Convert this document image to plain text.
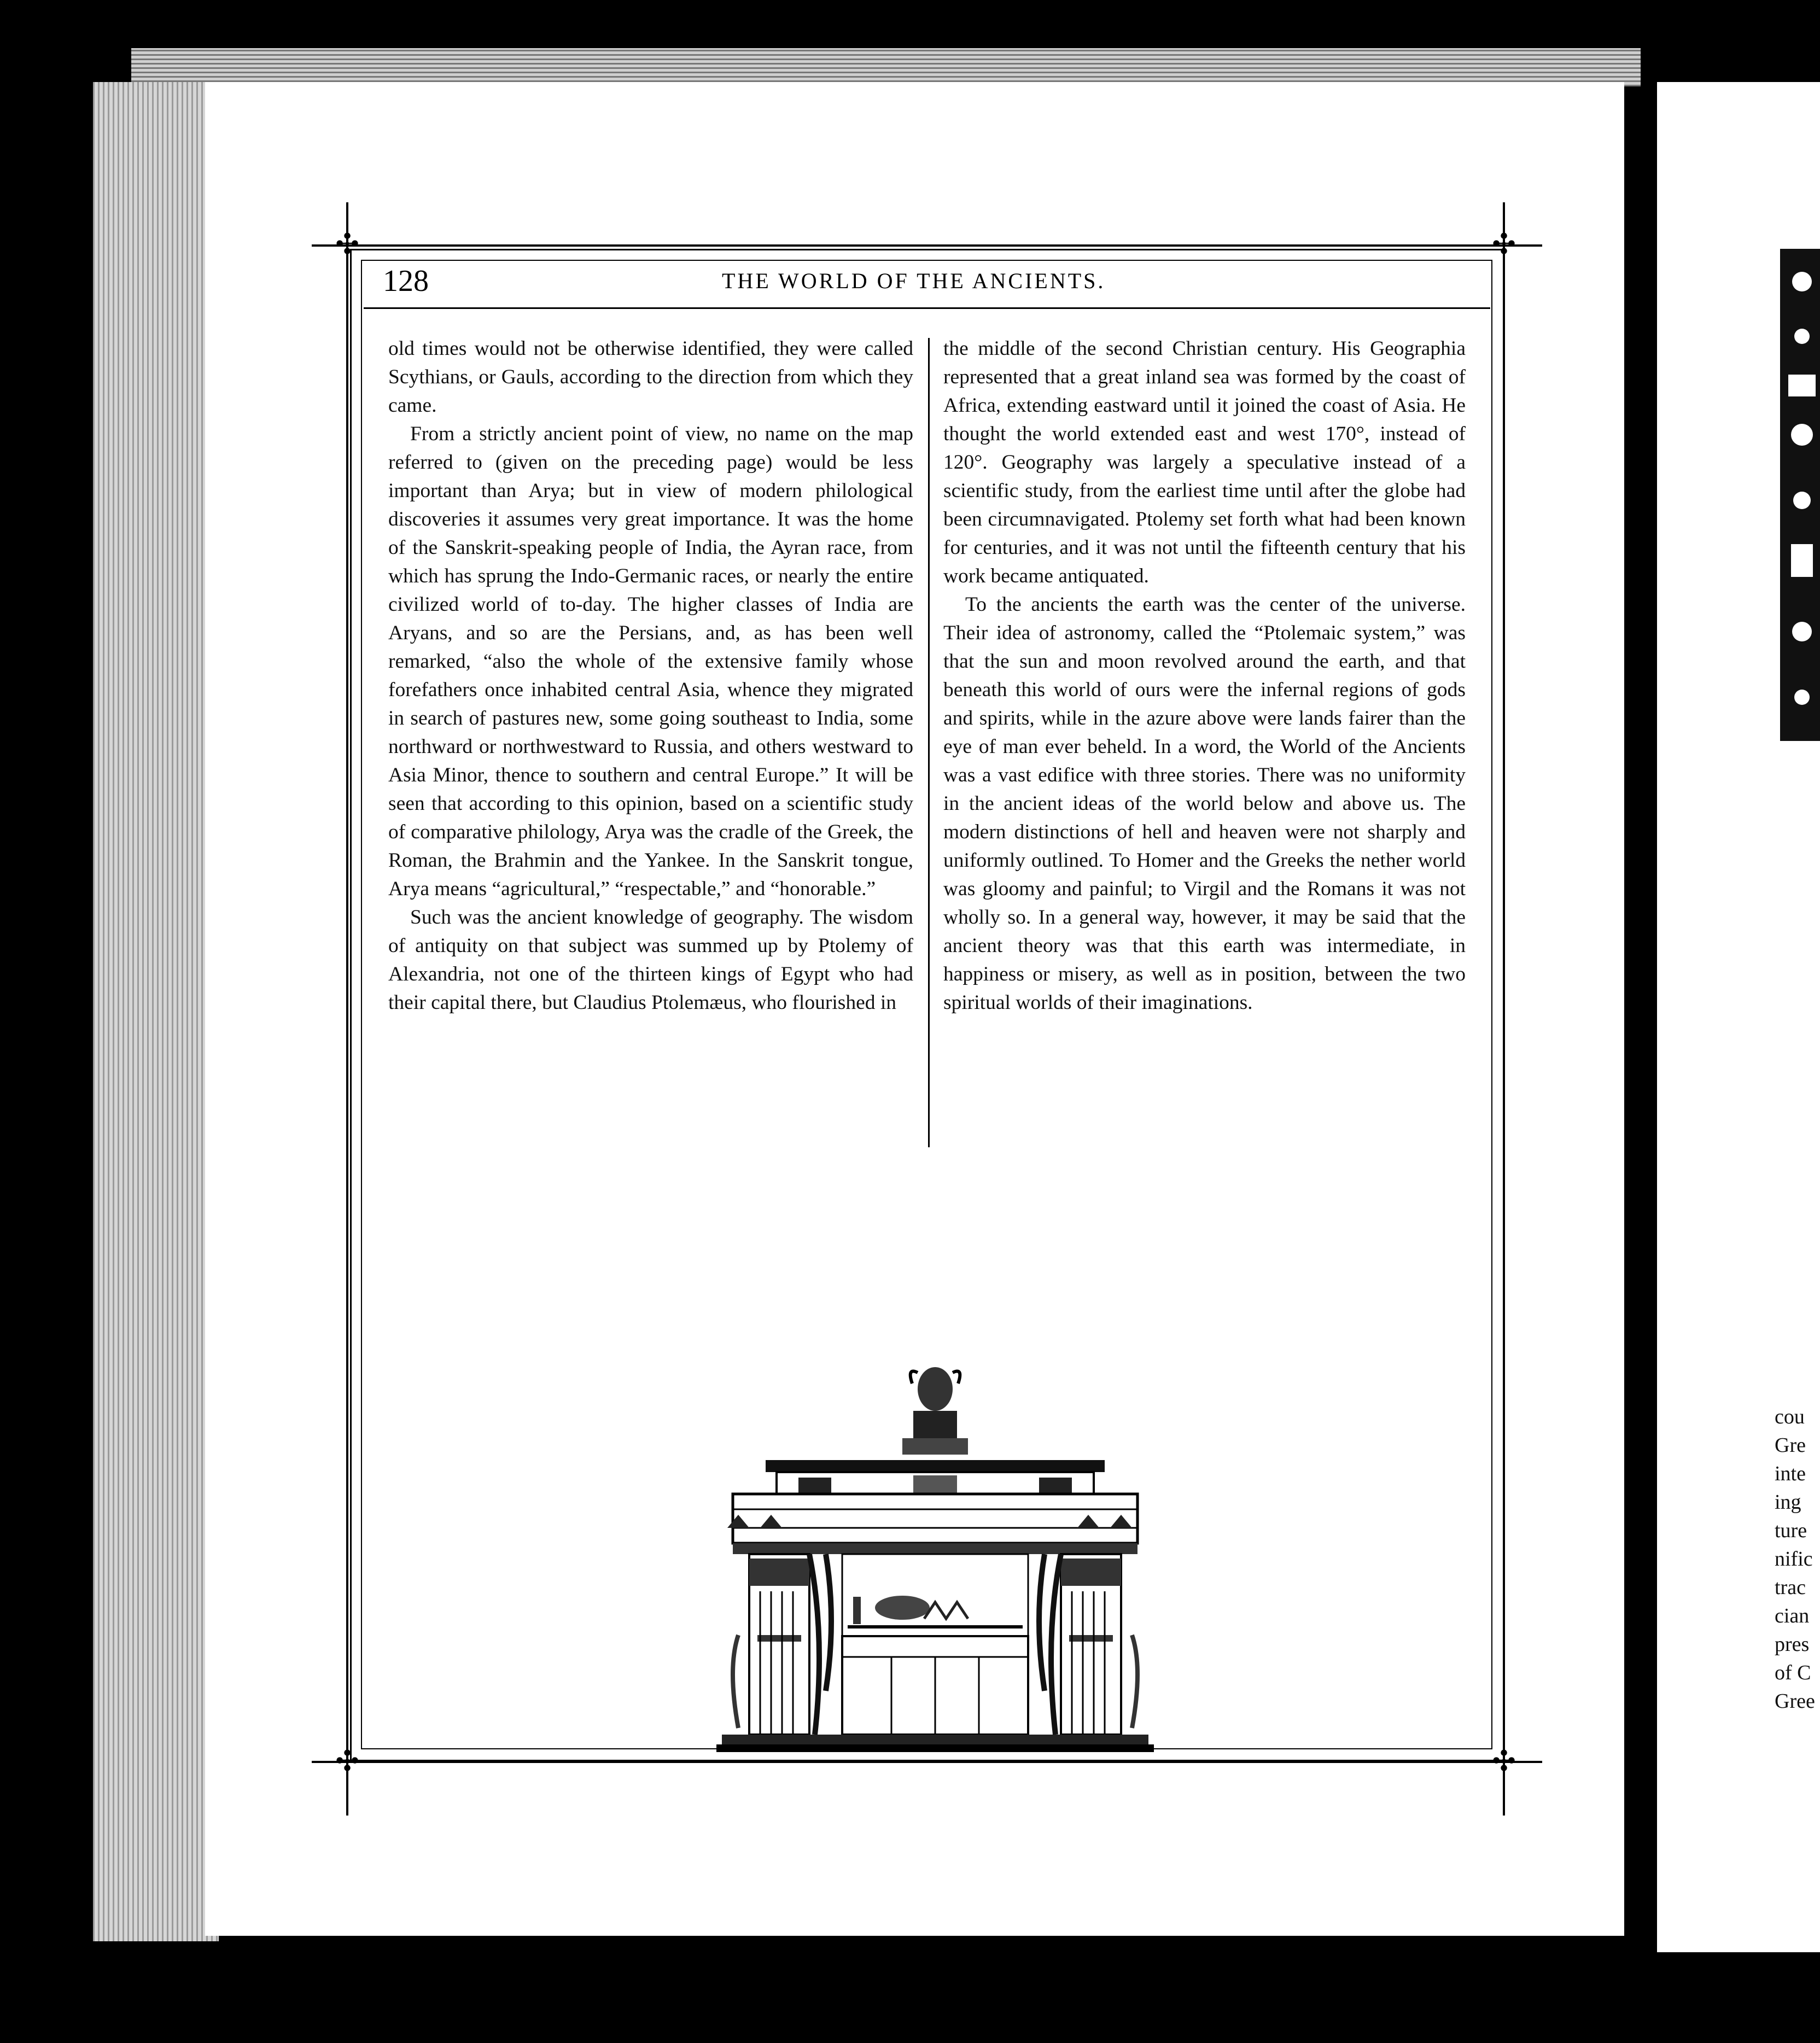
✣	✣
✣	✣
128	THE WORLD OF THE ANCIENTS.

old times would not be otherwise identified, they were called Scythians, or Gauls, according to the direction from which they came.

From a strictly ancient point of view, no name on the map referred to (given on the preceding page) would be less important than Arya; but in view of modern philological discoveries it assumes very great importance. It was the home of the Sanskrit-speaking people of India, the Ayran race, from which has sprung the Indo-Germanic races, or nearly the entire civilized world of to-day. The higher classes of India are Aryans, and so are the Persians, and, as has been well remarked, “also the whole of the extensive family whose forefathers once inhabited central Asia, whence they migrated in search of pastures new, some going southeast to India, some northward or northwestward to Russia, and others westward to Asia Minor, thence to southern and central Europe.” It will be seen that according to this opinion, based on a scientific study of comparative philology, Arya was the cradle of the Greek, the Roman, the Brahmin and the Yankee. In the Sanskrit tongue, Arya means “agricultural,” “respectable,” and “honorable.”

Such was the ancient knowledge of geography. The wisdom of antiquity on that subject was summed up by Ptolemy of Alexandria, not one of the thirteen kings of Egypt who had their capital there, but Claudius Ptolemæus, who flourished in

the middle of the second Christian century. His Geographia represented that a great inland sea was formed by the coast of Africa, extending eastward until it joined the coast of Asia. He thought the world extended east and west 170°, instead of 120°. Geography was largely a speculative instead of a scientific study, from the earliest time until after the globe had been circumnavigated. Ptolemy set forth what had been known for centuries, and it was not until the fifteenth century that his work became antiquated.

To the ancients the earth was the center of the universe. Their idea of astronomy, called the “Ptolemaic system,” was that the sun and moon revolved around the earth, and that beneath this world of ours were the infernal regions of gods and spirits, while in the azure above were lands fairer than the eye of man ever beheld. In a word, the World of the Ancients was a vast edifice with three stories. There was no uniformity in the ancient ideas of the world below and above us. The modern distinctions of hell and heaven were not sharply and uniformly outlined. To Homer and the Greeks the nether world was gloomy and painful; to Virgil and the Romans it was not wholly so. In a general way, however, it may be said that the ancient theory was that this earth was intermediate, in happiness or misery, as well as in position, between the two spiritual worlds of their imaginations.

cou
Gre
inte
ing
ture
nific
trac
cian
pres
of C
Gree
